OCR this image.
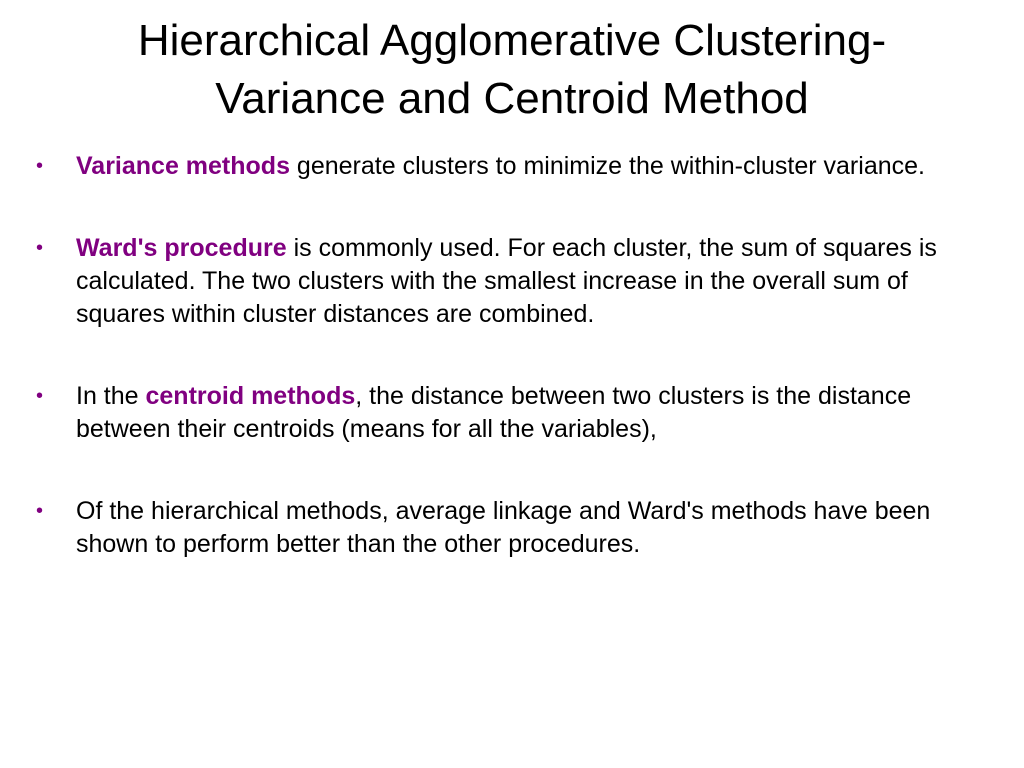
Hierarchical Agglomerative Clustering-
Variance and Centroid Method
•	Variance methods generate clusters to minimize the within-cluster variance.
•	Ward's procedure is commonly used. For each cluster, the sum of squares is calculated. The two clusters with the smallest increase in the overall sum of squares within cluster distances are combined.
•	In the centroid methods, the distance between two clusters is the distance between their centroids (means for all the variables),
•	Of the hierarchical methods, average linkage and Ward's methods have been shown to perform better than the other procedures.
